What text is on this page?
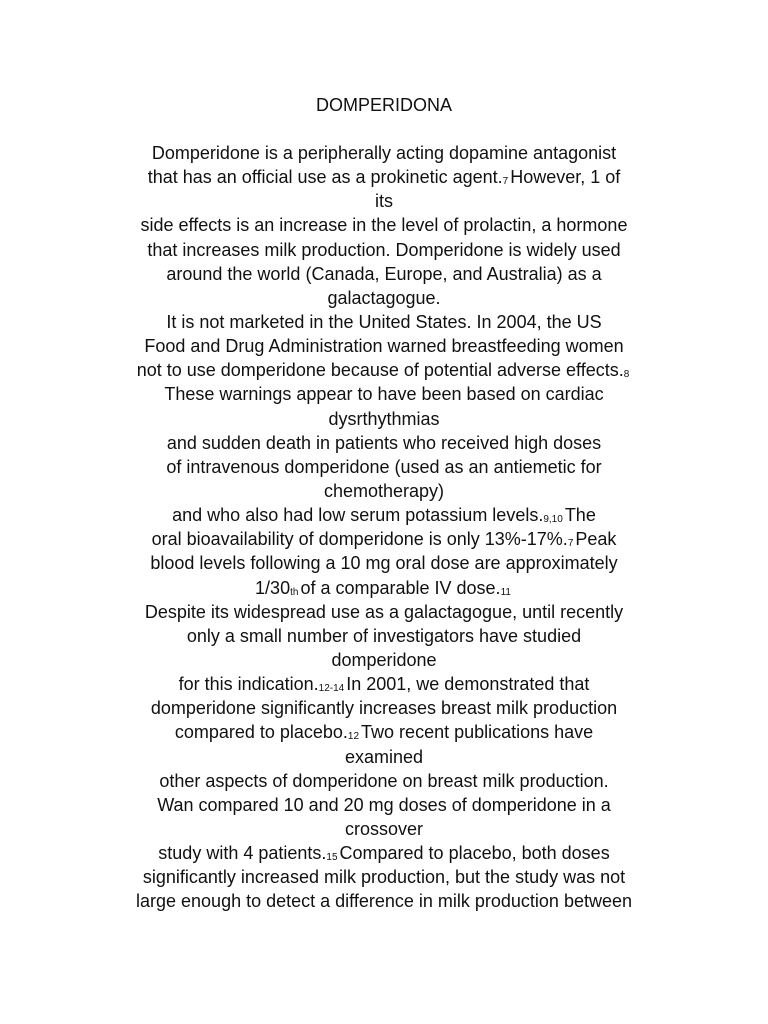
DOMPERIDONA
Domperidone is a peripherally acting dopamine antagonist
that has an official use as a prokinetic agent.7 However, 1 of
its
side effects is an increase in the level of prolactin, a hormone
that increases milk production. Domperidone is widely used
around the world (Canada, Europe, and Australia) as a
galactagogue.
It is not marketed in the United States. In 2004, the US
Food and Drug Administration warned breastfeeding women
not to use domperidone because of potential adverse effects.8
These warnings appear to have been based on cardiac
dysrthythmias
and sudden death in patients who received high doses
of intravenous domperidone (used as an antiemetic for
chemotherapy)
and who also had low serum potassium levels.9,10 The
oral bioavailability of domperidone is only 13%-17%.7 Peak
blood levels following a 10 mg oral dose are approximately
1/30th of a comparable IV dose.11
Despite its widespread use as a galactagogue, until recently
only a small number of investigators have studied
domperidone
for this indication.12-14 In 2001, we demonstrated that
domperidone significantly increases breast milk production
compared to placebo.12 Two recent publications have
examined
other aspects of domperidone on breast milk production.
Wan compared 10 and 20 mg doses of domperidone in a
crossover
study with 4 patients.15 Compared to placebo, both doses
significantly increased milk production, but the study was not
large enough to detect a difference in milk production between
